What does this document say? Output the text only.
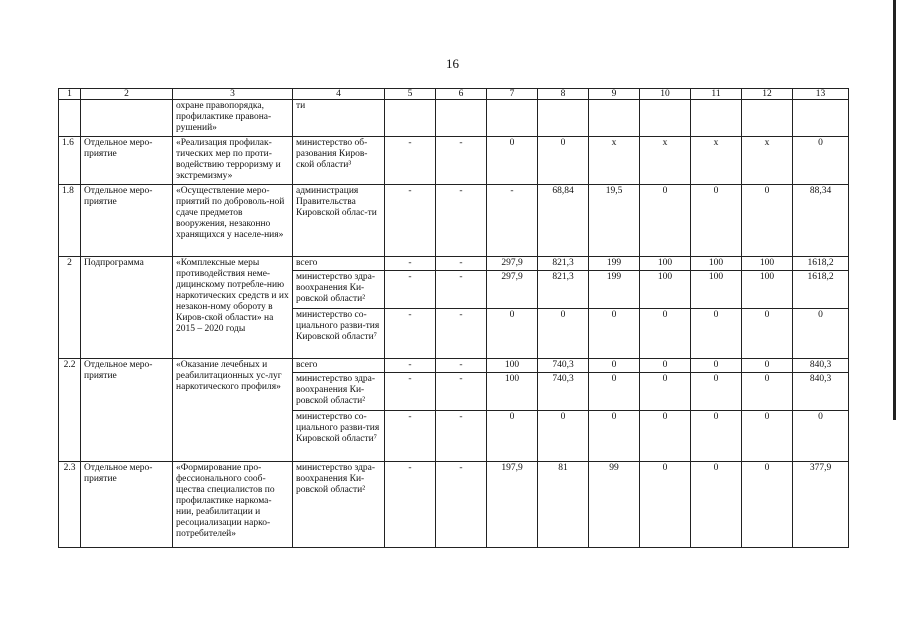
16
1	2	3	4	5	6	7	8	9	10	11	12	13
		охране правопорядка, профилактике правона-рушений»	ти									
1.6	Отдельное меро-приятие	«Реализация профилак-тических мер по проти-водействию терроризму и экстремизму»	министерство об-разования Киров-ской области³	-	-	0	0	х	х	х	х	0
1.8	Отдельное меро-приятие	«Осуществление меро-приятий по доброволь-ной сдаче предметов вооружения, незаконно хранящихся у населе-ния»	администрация Правительства Кировской облас-ти	-	-	-	68,84	19,5	0	0	0	88,34
2	Подпрограмма	«Комплексные меры противодействия неме-дицинскому потребле-нию наркотических средств и их незакон-ному обороту в Киров-ской области» на 2015 – 2020 годы	всего	-	-	297,9	821,3	199	100	100	100	1618,2
			министерство здра-воохранения Ки-ровской области²	-	-	297,9	821,3	199	100	100	100	1618,2
			министерство со-циального разви-тия Кировской области⁷	-	-	0	0	0	0	0	0	0
2.2	Отдельное меро-приятие	«Оказание лечебных и реабилитационных ус-луг наркотического профиля»	всего	-	-	100	740,3	0	0	0	0	840,3
			министерство здра-воохранения Ки-ровской области²	-	-	100	740,3	0	0	0	0	840,3
			министерство со-циального разви-тия Кировской области⁷	-	-	0	0	0	0	0	0	0
2.3	Отдельное меро-приятие	«Формирование про-фессионального сооб-щества специалистов по профилактике наркома-нии, реабилитации и ресоциализации нарко-потребителей»	министерство здра-воохранения Ки-ровской области²	-	-	197,9	81	99	0	0	0	377,9
